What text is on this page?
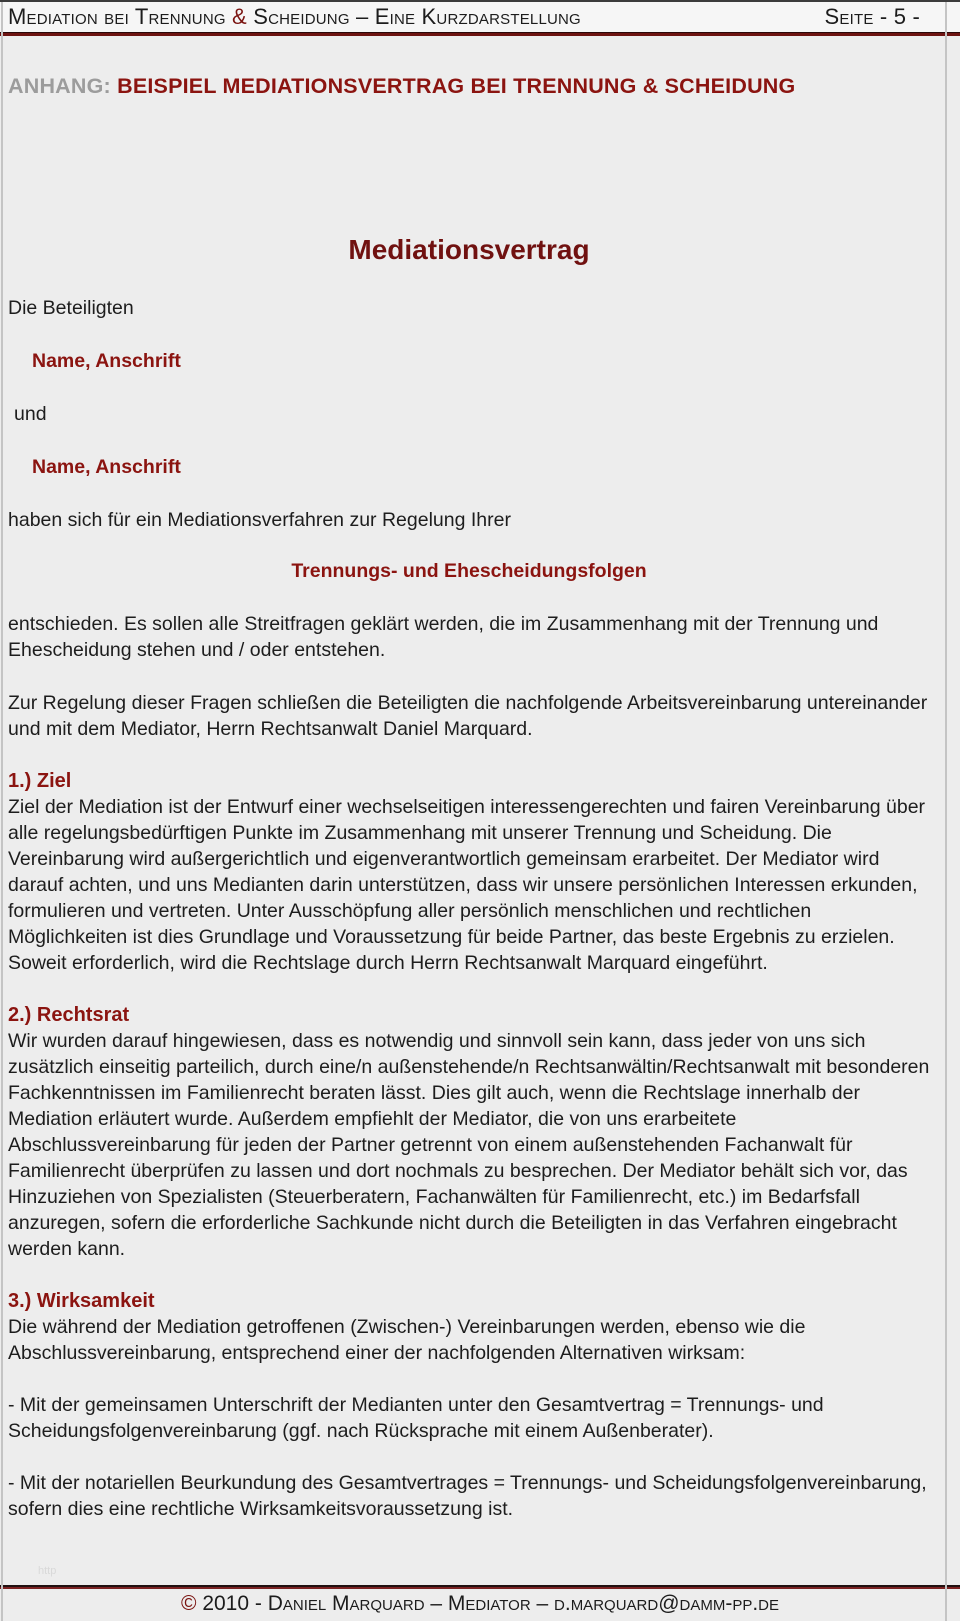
Mediation bei Trennung & Scheidung – Eine Kurzdarstellung	Seite - 5 -
ANHANG: BEISPIEL MEDIATIONSVERTRAG BEI TRENNUNG & SCHEIDUNG
Mediationsvertrag

Die Beteiligten

Name, Anschrift

und

Name, Anschrift

haben sich für ein Mediationsverfahren zur Regelung Ihrer

Trennungs- und Ehescheidungsfolgen

entschieden. Es sollen alle Streitfragen geklärt werden, die im Zusammenhang mit der Trennung und Ehescheidung stehen und / oder entstehen.

Zur Regelung dieser Fragen schließen die Beteiligten die nachfolgende Arbeitsvereinbarung untereinander und mit dem Mediator, Herrn Rechtsanwalt Daniel Marquard.

1.) Ziel

Ziel der Mediation ist der Entwurf einer wechselseitigen interessengerechten und fairen Vereinbarung über alle regelungsbedürftigen Punkte im Zusammenhang mit unserer Trennung und Scheidung. Die Vereinbarung wird außergerichtlich und eigenverantwortlich gemeinsam erarbeitet. Der Mediator wird darauf achten, und uns Medianten darin unterstützen, dass wir unsere persönlichen Interessen erkunden, formulieren und vertreten. Unter Ausschöpfung aller persönlich menschlichen und rechtlichen Möglichkeiten ist dies Grundlage und Voraussetzung für beide Partner, das beste Ergebnis zu erzielen. Soweit erforderlich, wird die Rechtslage durch Herrn Rechtsanwalt Marquard eingeführt.

2.) Rechtsrat

Wir wurden darauf hingewiesen, dass es notwendig und sinnvoll sein kann, dass jeder von uns sich zusätzlich einseitig parteilich, durch eine/n außenstehende/n Rechtsanwältin/Rechtsanwalt mit besonderen Fachkenntnissen im Familienrecht beraten lässt. Dies gilt auch, wenn die Rechtslage innerhalb der Mediation erläutert wurde. Außerdem empfiehlt der Mediator, die von uns erarbeitete Abschlussvereinbarung für jeden der Partner getrennt von einem außenstehenden Fachanwalt für Familienrecht überprüfen zu lassen und dort nochmals zu besprechen. Der Mediator behält sich vor, das Hinzuziehen von Spezialisten (Steuerberatern, Fachanwälten für Familienrecht, etc.) im Bedarfsfall anzuregen, sofern die erforderliche Sachkunde nicht durch die Beteiligten in das Verfahren eingebracht werden kann.

3.) Wirksamkeit

Die während der Mediation getroffenen (Zwischen-) Vereinbarungen werden, ebenso wie die Abschlussvereinbarung, entsprechend einer der nachfolgenden Alternativen wirksam:

- Mit der gemeinsamen Unterschrift der Medianten unter den Gesamtvertrag = Trennungs- und Scheidungsfolgenvereinbarung (ggf. nach Rücksprache mit einem Außenberater).

- Mit der notariellen Beurkundung des Gesamtvertrages = Trennungs- und Scheidungsfolgenvereinbarung, sofern dies eine rechtliche Wirksamkeitsvoraussetzung ist.

http

© 2010 - Daniel Marquard – Mediator – d.marquard@damm-pp.de
